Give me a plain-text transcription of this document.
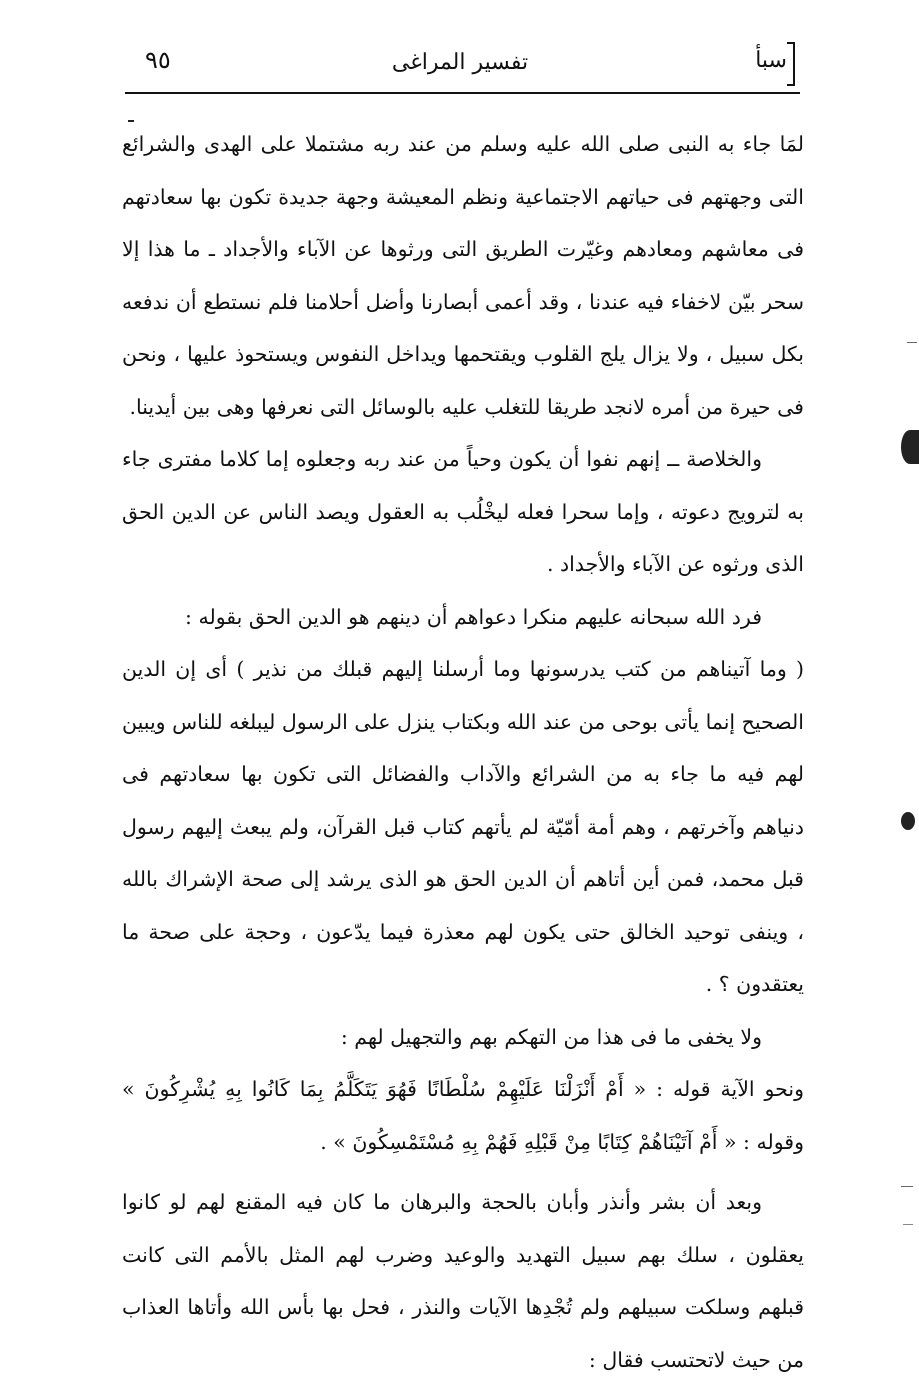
٩٥	تفسير المراغى	سبأ

لمَا جاء به النبى صلى الله عليه وسلم من عند ربه مشتملا على الهدى والشرائع التى وجهتهم فى حياتهم الاجتماعية ونظم المعيشة وجهة جديدة تكون بها سعادتهم فى معاشهم ومعادهم وغيّرت الطريق التى ورثوها عن الآباء والأجداد ـ ما هذا إلا سحر بيّن لاخفاء فيه عندنا ، وقد أعمى أبصارنا وأضل أحلامنا فلم نستطع أن ندفعه بكل سبيل ، ولا يزال يلج القلوب ويقتحمها ويداخل النفوس ويستحوذ عليها ، ونحن فى حيرة من أمره لانجد طريقا للتغلب عليه بالوسائل التى نعرفها وهى بين أيدينا.

والخلاصة ــ إنهم نفوا أن يكون وحياً من عند ربه وجعلوه إما كلاما مفترى جاء به لترويج دعوته ، وإما سحرا فعله ليخْلُب به العقول ويصد الناس عن الدين الحق الذى ورثوه عن الآباء والأجداد .

فرد الله سبحانه عليهم منكرا دعواهم أن دينهم هو الدين الحق بقوله :

( وما آتيناهم من كتب يدرسونها وما أرسلنا إليهم قبلك من نذير ) أى إن الدين الصحيح إنما يأتى بوحى من عند الله وبكتاب ينزل على الرسول ليبلغه للناس ويبين لهم فيه ما جاء به من الشرائع والآداب والفضائل التى تكون بها سعادتهم فى دنياهم وآخرتهم ، وهم أمة أمّيّة لم يأتهم كتاب قبل القرآن، ولم يبعث إليهم رسول قبل محمد، فمن أين أتاهم أن الدين الحق هو الذى يرشد إلى صحة الإشراك بالله ، وينفى توحيد الخالق حتى يكون لهم معذرة فيما يدّعون ، وحجة على صحة ما يعتقدون ؟ .

ولا يخفى ما فى هذا من التهكم بهم والتجهيل لهم :

ونحو الآية قوله : « أَمْ أَنْزَلْنَا عَلَيْهِمْ سُلْطَانًا فَهُوَ يَتَكَلَّمُ بِمَا كَانُوا بِهِ يُشْرِكُونَ » وقوله : « أَمْ آتَيْنَاهُمْ كِتَابًا مِنْ قَبْلِهِ فَهُمْ بِهِ مُسْتَمْسِكُونَ » .

وبعد أن بشر وأنذر وأبان بالحجة والبرهان ما كان فيه المقنع لهم لو كانوا يعقلون ، سلك بهم سبيل التهديد والوعيد وضرب لهم المثل بالأمم التى كانت قبلهم وسلكت سبيلهم ولم تُجْدِها الآيات والنذر ، فحل بها بأس الله وأتاها العذاب من حيث لاتحتسب فقال :
